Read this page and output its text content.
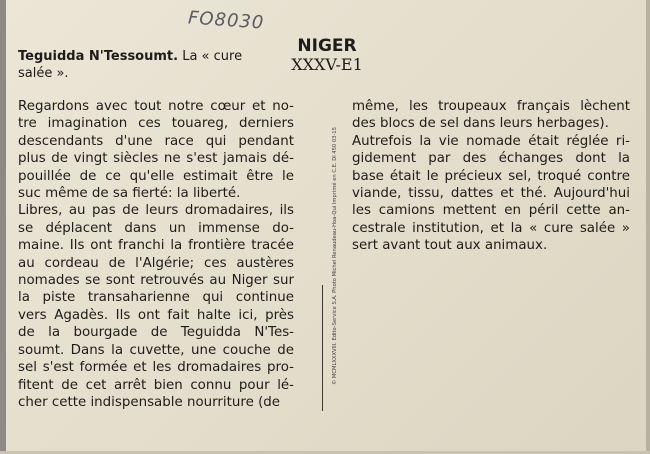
FO8030
Teguidda N'Tessoumt. La « cure salée ».
NIGER
XXXV-E1
Regardons avec tout notre cœur et no-
tre imagination ces touareg, derniers
descendants d'une race qui pendant
plus de vingt siècles ne s'est jamais dé-
pouillée de ce qu'elle estimait être le
suc même de sa fierté: la liberté.
Libres, au pas de leurs dromadaires, ils
se déplacent dans un immense do-
maine. Ils ont franchi la frontière tracée
au cordeau de l'Algérie; ces austères
nomades se sont retrouvés au Niger sur
la piste transaharienne qui continue
vers Agadès. Ils ont fait halte ici, près
de la bourgade de Teguidda N'Tes-
soumt. Dans la cuvette, une couche de
sel s'est formée et les dromadaires pro-
fitent de cet arrêt bien connu pour lé-
cher cette indispensable nourriture (de
© MCMLXXXVIII. Edito-Service S.A. Photo Michel Renaudeau-Hoa-Qui Imprimé en C.E. Dl 450 03-15
même, les troupeaux français lèchent
des blocs de sel dans leurs herbages).
Autrefois la vie nomade était réglée ri-
gidement par des échanges dont la
base était le précieux sel, troqué contre
viande, tissu, dattes et thé. Aujourd'hui
les camions mettent en péril cette an-
cestrale institution, et la « cure salée »
sert avant tout aux animaux.
